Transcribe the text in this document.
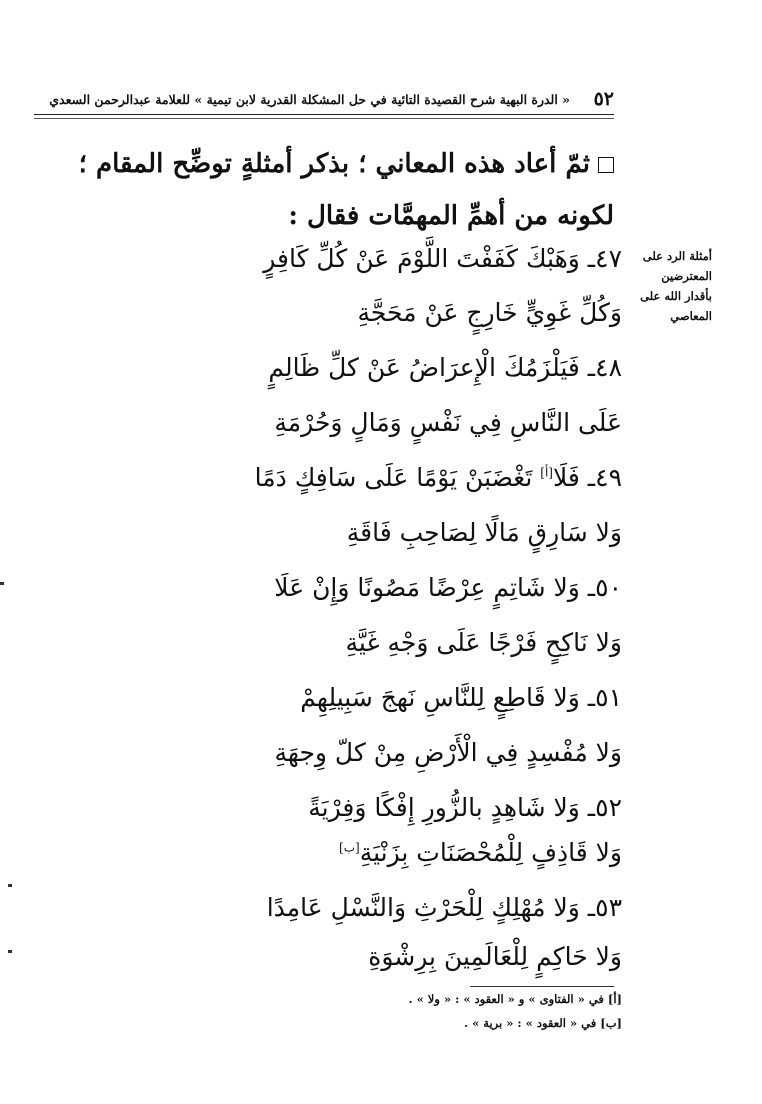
٥٢
« الدرة البهية شرح القصيدة التائية في حل المشكلة القدرية لابن تيمية » للعلامة عبدالرحمن السعدي
ثمّ أعاد هذه المعاني ؛ بذكر أمثلةٍ توضِّح المقام ؛ لكونه من أهمِّ المهمَّات فقال :
أمثلة الرد على المعترضين بأقدار الله على المعاصي
٤٧ـ وَهَبْكَ كَفَفْتَ اللَّوْمَ عَنْ كُلِّ كَافِرٍ
وَكُلِّ غَوِيٍّ خَارِجٍ عَنْ مَحَجَّةِ
٤٨ـ فَيَلْزَمُكَ الْإِعرَاضُ عَنْ كلِّ ظَالِمٍ
عَلَى النَّاسِ فِي نَفْسٍ وَمَالٍ وَحُرْمَةِ
٤٩ـ فَلَا[أ] تَغْضَبَنْ يَوْمًا عَلَى سَافِكٍ دَمًا
وَلا سَارِقٍ مَالًا لِصَاحِبِ فَاقَةِ
٥٠ـ وَلا شَاتِمٍ عِرْضًا مَصُونًا وَإِنْ عَلَا
وَلا نَاكِحٍ فَرْجًا عَلَى وَجْهِ غَيَّةِ
٥١ـ وَلا قَاطِعٍ لِلنَّاسِ نَهجَ سَبِيلِهِمْ
وَلا مُفْسِدٍ فِي الْأَرْضِ مِنْ كلّ وِجهَةِ
٥٢ـ وَلا شَاهِدٍ بالزُّورِ إِفْكًا وَفِرْيَةً
وَلا قَاذِفٍ لِلْمُحْصَنَاتِ بِزَنْيَةِ[ب]
٥٣ـ وَلا مُهْلِكٍ لِلْحَرْثِ وَالنَّسْلِ عَامِدًا
وَلا حَاكِمٍ لِلْعَالَمِينَ بِرِشْوَةِ
[أ] في « الفتاوى » و « العقود » : « ولا » .
[ب] في « العقود » : « برية » .
